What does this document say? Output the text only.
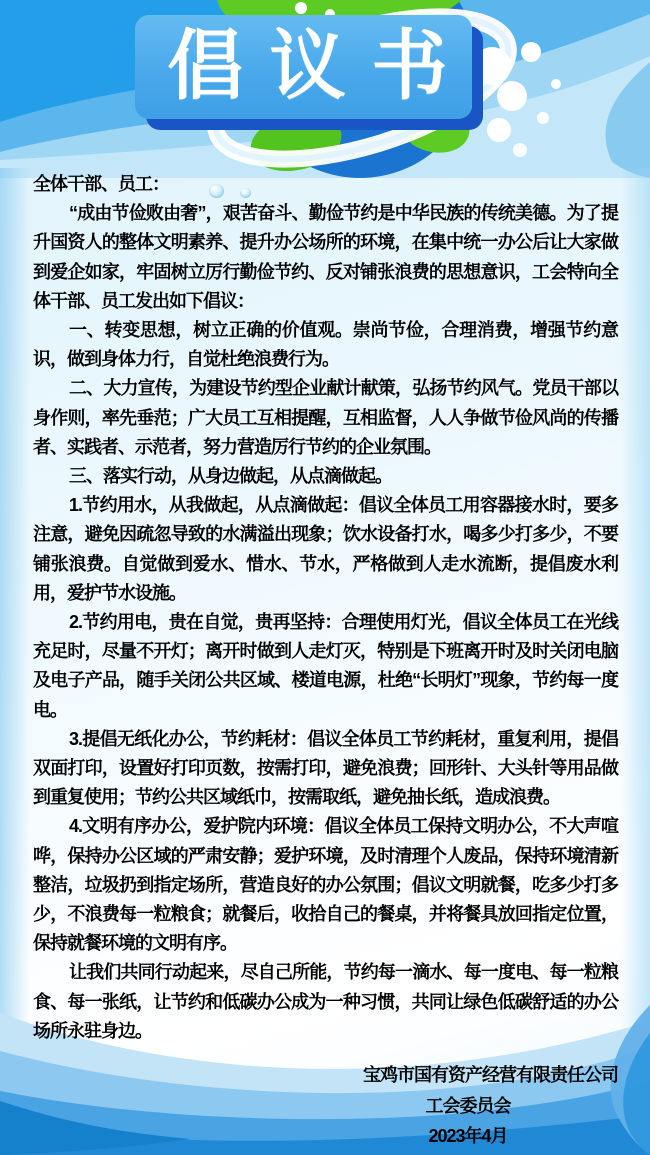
倡议书

全体干部、员工：

“成由节俭败由奢”，艰苦奋斗、勤俭节约是中华民族的传统美德。为了提升国资人的整体文明素养、提升办公场所的环境，在集中统一办公后让大家做到爱企如家，牢固树立厉行勤俭节约、反对铺张浪费的思想意识，工会特向全体干部、员工发出如下倡议：

一、转变思想，树立正确的价值观。崇尚节俭，合理消费，增强节约意识，做到身体力行，自觉杜绝浪费行为。

二、大力宣传，为建设节约型企业献计献策，弘扬节约风气。党员干部以身作则，率先垂范；广大员工互相提醒，互相监督，人人争做节俭风尚的传播者、实践者、示范者，努力营造厉行节约的企业氛围。

三、落实行动，从身边做起，从点滴做起。

1.节约用水，从我做起，从点滴做起：倡议全体员工用容器接水时，要多注意，避免因疏忽导致的水满溢出现象；饮水设备打水，喝多少打多少，不要铺张浪费。自觉做到爱水、惜水、节水，严格做到人走水流断，提倡废水利用，爱护节水设施。

2.节约用电，贵在自觉，贵再坚持：合理使用灯光，倡议全体员工在光线充足时，尽量不开灯；离开时做到人走灯灭，特别是下班离开时及时关闭电脑及电子产品，随手关闭公共区域、楼道电源，杜绝“长明灯”现象，节约每一度电。

3.提倡无纸化办公，节约耗材：倡议全体员工节约耗材，重复利用，提倡双面打印，设置好打印页数，按需打印，避免浪费；回形针、大头针等用品做到重复使用；节约公共区域纸巾，按需取纸，避免抽长纸，造成浪费。

4.文明有序办公，爱护院内环境：倡议全体员工保持文明办公，不大声喧哗，保持办公区域的严肃安静；爱护环境，及时清理个人废品，保持环境清新整洁，垃圾扔到指定场所，营造良好的办公氛围；倡议文明就餐，吃多少打多少，不浪费每一粒粮食；就餐后，收拾自己的餐桌，并将餐具放回指定位置，保持就餐环境的文明有序。

让我们共同行动起来，尽自己所能，节约每一滴水、每一度电、每一粒粮食、每一张纸，让节约和低碳办公成为一种习惯，共同让绿色低碳舒适的办公场所永驻身边。

宝鸡市国有资产经营有限责任公司
工会委员会
2023年4月
